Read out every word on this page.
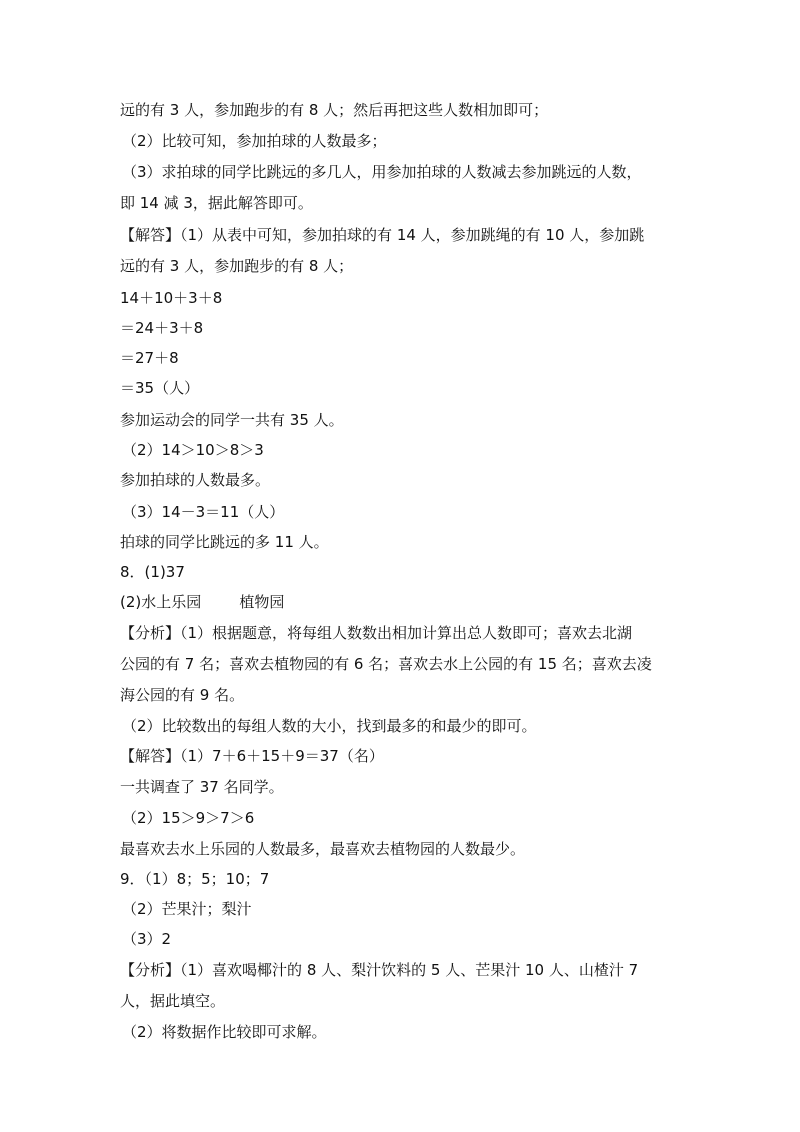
远的有 3 人，参加跑步的有 8 人；然后再把这些人数相加即可；
（2）比较可知，参加拍球的人数最多；
（3）求拍球的同学比跳远的多几人，用参加拍球的人数减去参加跳远的人数，
即 14 减 3，据此解答即可。
【解答】（1）从表中可知，参加拍球的有 14 人，参加跳绳的有 10 人，参加跳
远的有 3 人，参加跑步的有 8 人；
14＋10＋3＋8
＝24＋3＋8
＝27＋8
＝35（人）
参加运动会的同学一共有 35 人。
（2）14＞10＞8＞3
参加拍球的人数最多。
（3）14－3＝11（人）
拍球的同学比跳远的多 11 人。
8．(1)37
(2)水上乐园        植物园
【分析】（1）根据题意，将每组人数数出相加计算出总人数即可；喜欢去北湖
公园的有 7 名；喜欢去植物园的有 6 名；喜欢去水上公园的有 15 名；喜欢去凌
海公园的有 9 名。
（2）比较数出的每组人数的大小，找到最多的和最少的即可。
【解答】（1）7＋6＋15＋9＝37（名）
一共调查了 37 名同学。
（2）15＞9＞7＞6
最喜欢去水上乐园的人数最多，最喜欢去植物园的人数最少。
9．（1）8；5；10；7
（2）芒果汁；梨汁
（3）2
【分析】（1）喜欢喝椰汁的 8 人、梨汁饮料的 5 人、芒果汁 10 人、山楂汁 7
人，据此填空。
（2）将数据作比较即可求解。
